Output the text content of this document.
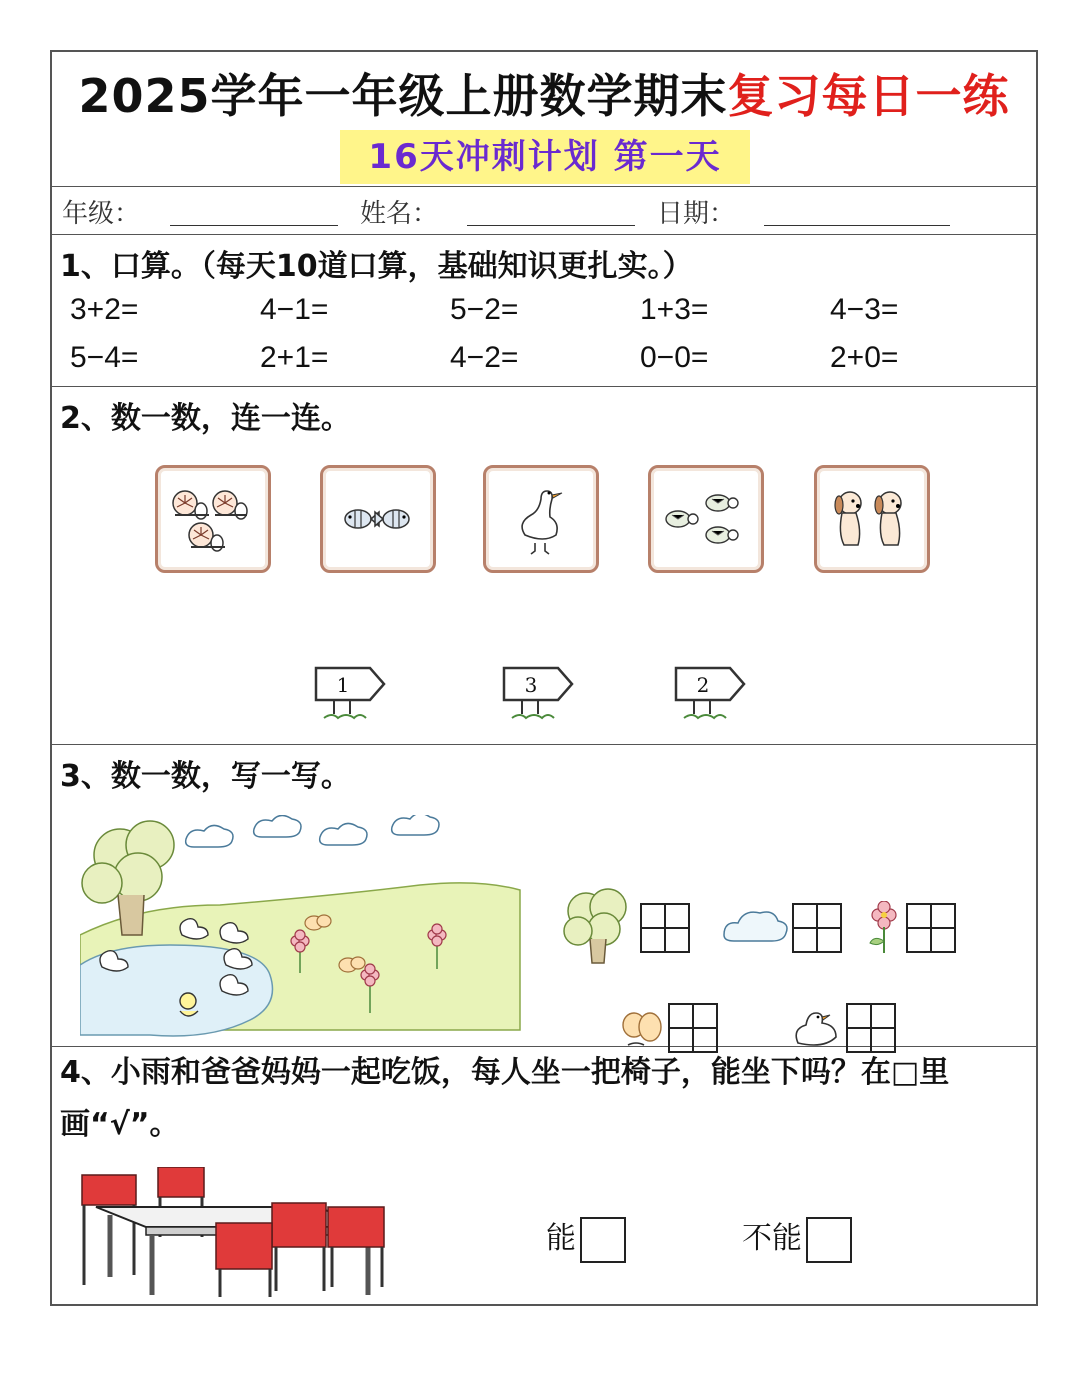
2025学年一年级上册数学期末复习每日一练
16天冲刺计划 第一天
年级：	姓名：	日期：
1、口算。（每天10道口算，基础知识更扎实。）
3+2=	4−1=	5−2=	1+3=	4−3=
5−4=	2+1=	4−2=	0−0=	2+0=
2、数一数，连一连。
1	3	2
3、数一数，写一写。
4、小雨和爸爸妈妈一起吃饭，每人坐一把椅子，能坐下吗？在□里画“√”。
能	不能
